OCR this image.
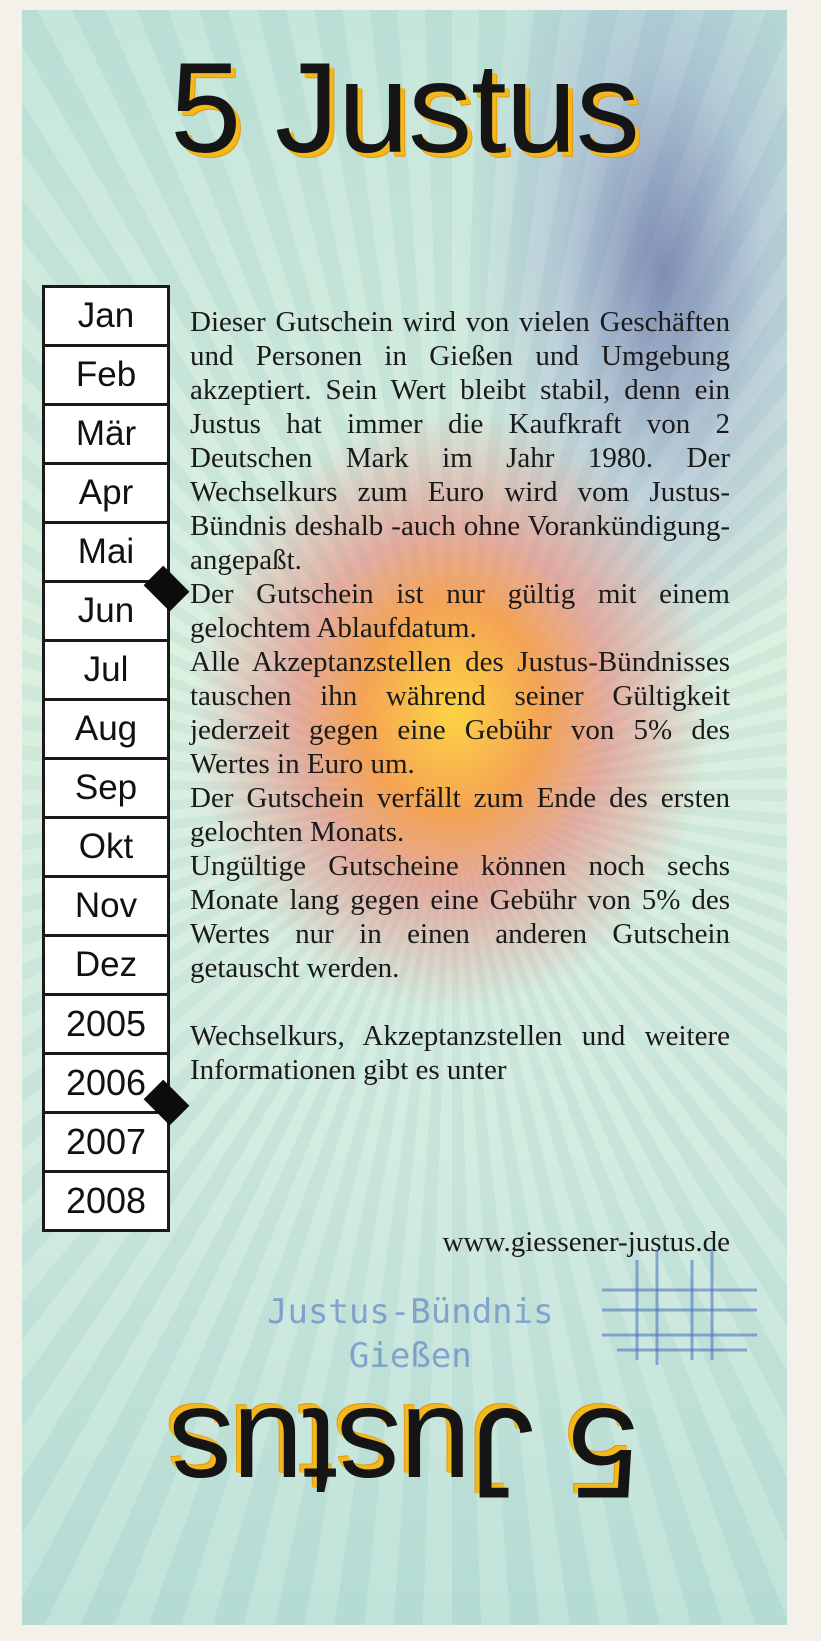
5 Justus
Jan
Feb
Mär
Apr
Mai
Jun
Jul
Aug
Sep
Okt
Nov
Dez
2005
2006
2007
2008

Dieser Gutschein wird von vielen Geschäften und Personen in Gießen und Umgebung akzeptiert. Sein Wert bleibt stabil, denn ein Justus hat immer die Kaufkraft von 2 Deutschen Mark im Jahr 1980. Der Wechselkurs zum Euro wird vom Justus-Bündnis deshalb -auch ohne Vorankündigung- angepaßt.

Der Gutschein ist nur gültig mit einem gelochtem Ablaufdatum.

Alle Akzeptanzstellen des Justus-Bündnisses tauschen ihn während seiner Gültigkeit jederzeit gegen eine Gebühr von 5% des Wertes in Euro um.

Der Gutschein verfällt zum Ende des ersten gelochten Monats.

Ungültige Gutscheine können noch sechs Monate lang gegen eine Gebühr von 5% des Wertes nur in einen anderen Gutschein getauscht werden.

Wechselkurs, Akzeptanzstellen und weitere Informationen gibt es unter

www.giessener-justus.de
Justus-Bündnis
Gießen
5 Justus
